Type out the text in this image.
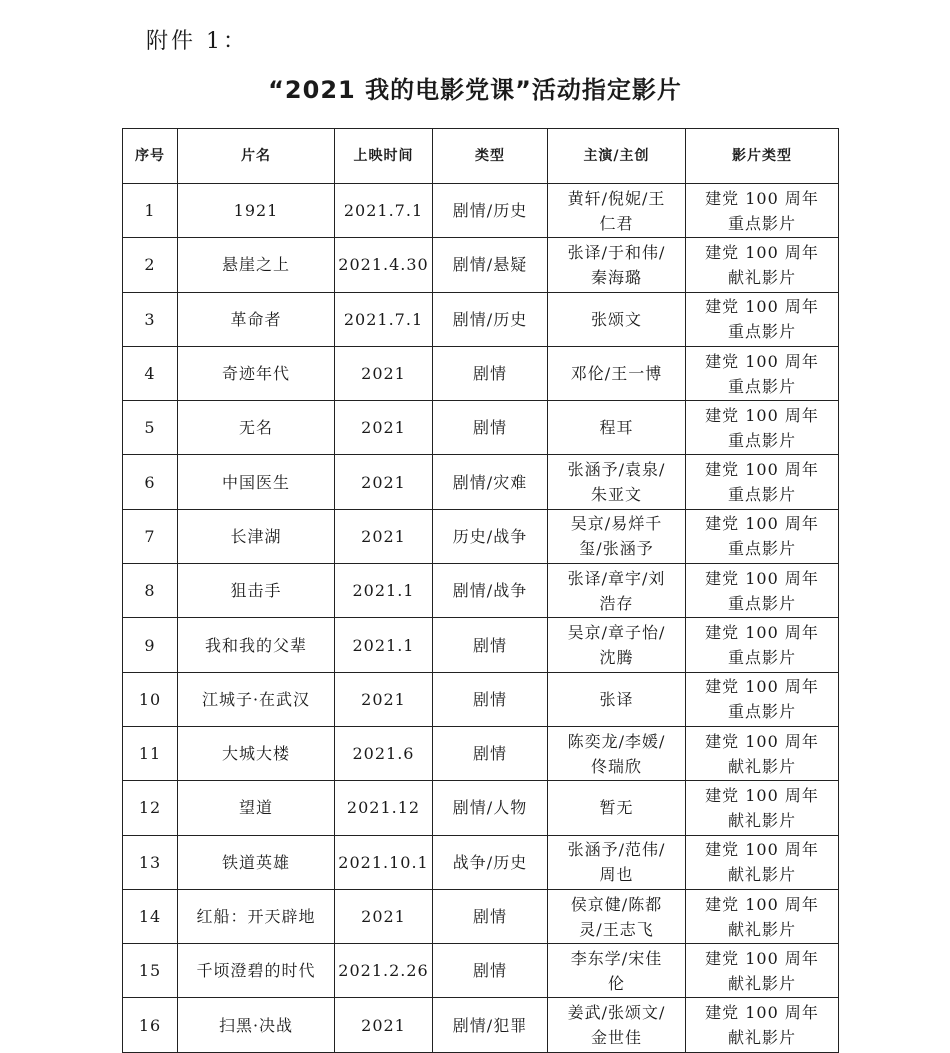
附件 1：
“2021 我的电影党课”活动指定影片
序号	片名	上映时间	类型	主演/主创	影片类型
1	1921	2021.7.1	剧情/历史	黄轩/倪妮/王仁君	建党 100 周年重点影片
2	悬崖之上	2021.4.30	剧情/悬疑	张译/于和伟/秦海璐	建党 100 周年献礼影片
3	革命者	2021.7.1	剧情/历史	张颂文	建党 100 周年重点影片
4	奇迹年代	2021	剧情	邓伦/王一博	建党 100 周年重点影片
5	无名	2021	剧情	程耳	建党 100 周年重点影片
6	中国医生	2021	剧情/灾难	张涵予/袁泉/朱亚文	建党 100 周年重点影片
7	长津湖	2021	历史/战争	吴京/易烊千玺/张涵予	建党 100 周年重点影片
8	狙击手	2021.1	剧情/战争	张译/章宇/刘浩存	建党 100 周年重点影片
9	我和我的父辈	2021.1	剧情	吴京/章子怡/沈腾	建党 100 周年重点影片
10	江城子·在武汉	2021	剧情	张译	建党 100 周年重点影片
11	大城大楼	2021.6	剧情	陈奕龙/李媛/佟瑞欣	建党 100 周年献礼影片
12	望道	2021.12	剧情/人物	暂无	建党 100 周年献礼影片
13	铁道英雄	2021.10.1	战争/历史	张涵予/范伟/ 周也	建党 100 周年献礼影片
14	红船：开天辟地	2021	剧情	侯京健/陈都灵/王志飞	建党 100 周年献礼影片
15	千顷澄碧的时代	2021.2.26	剧情	李东学/宋佳伦	建党 100 周年献礼影片
16	扫黑·决战	2021	剧情/犯罪	姜武/张颂文/金世佳	建党 100 周年献礼影片
